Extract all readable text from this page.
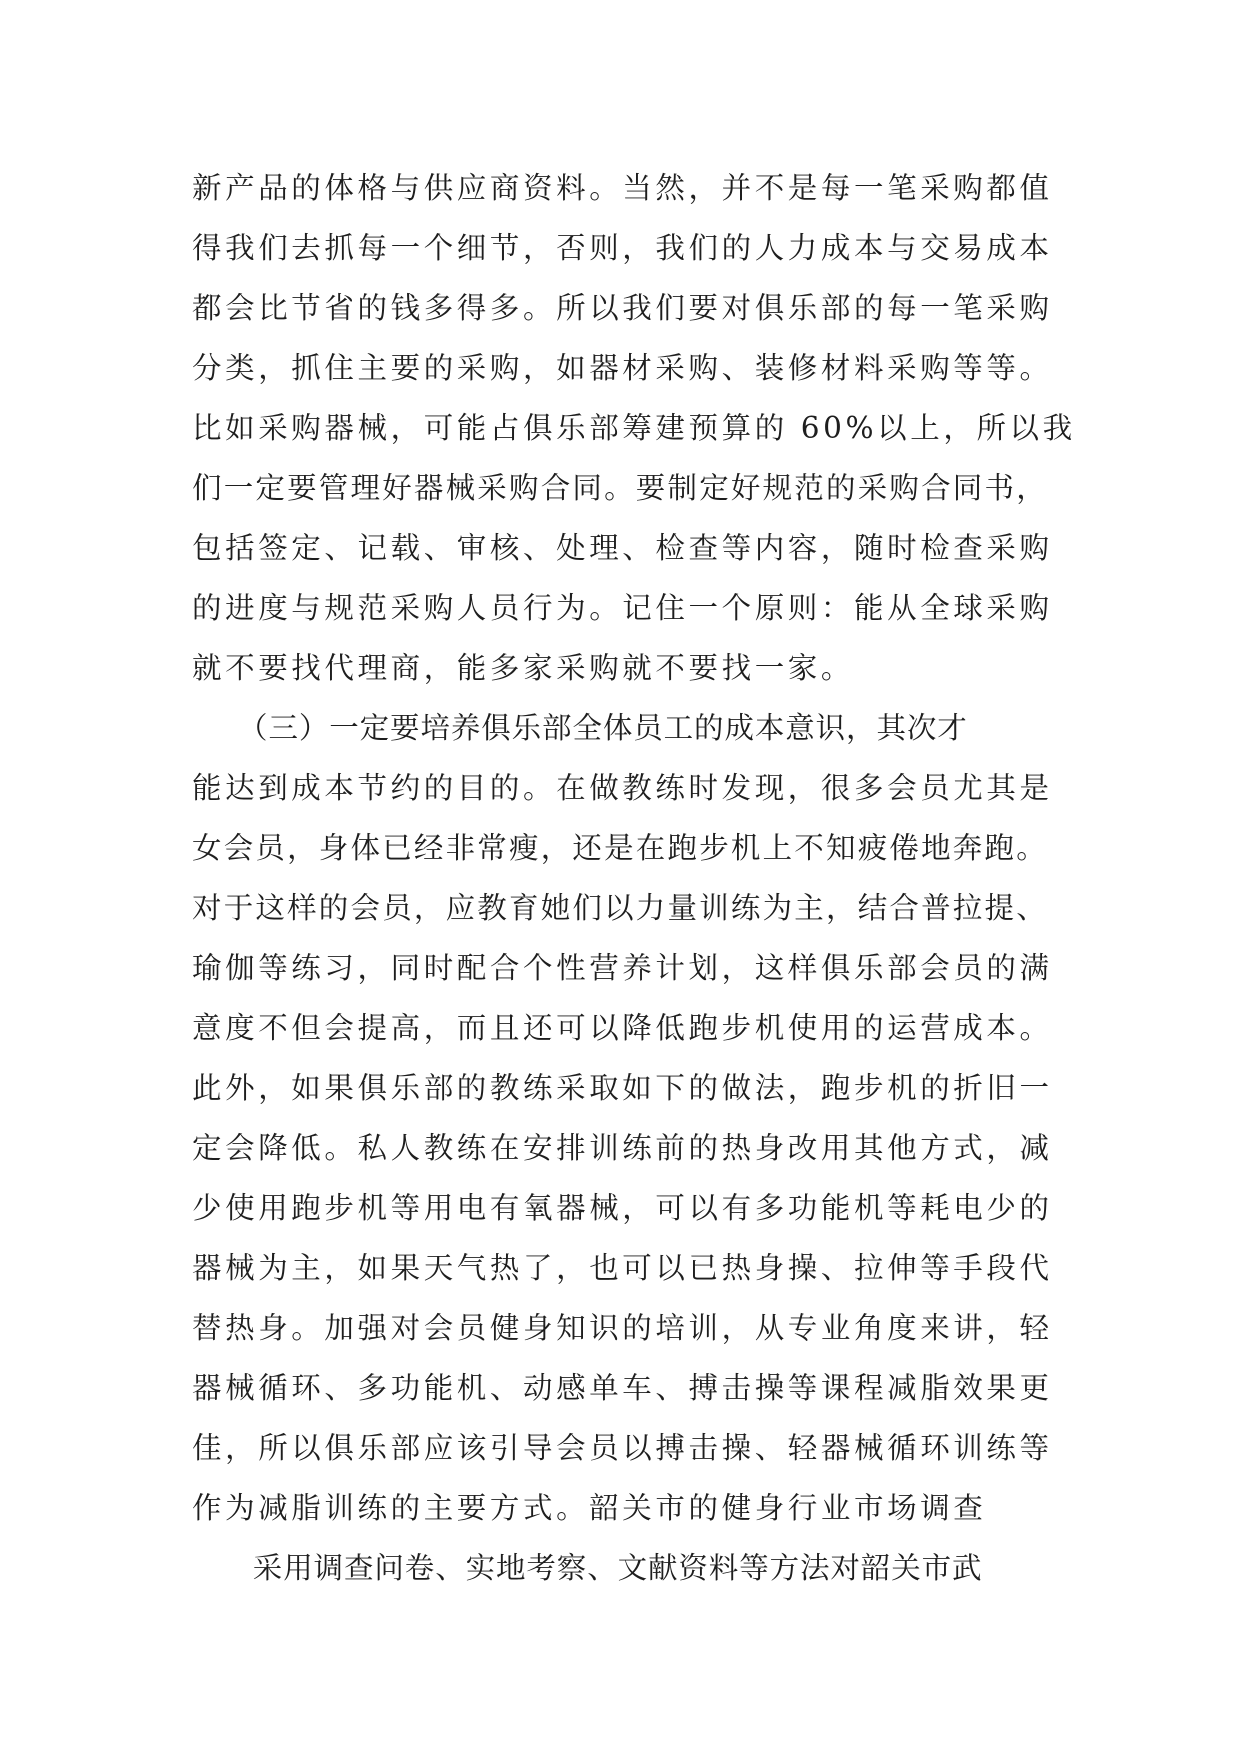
新产品的体格与供应商资料。当然，并不是每一笔采购都值
得我们去抓每一个细节，否则，我们的人力成本与交易成本
都会比节省的钱多得多。所以我们要对俱乐部的每一笔采购
分类，抓住主要的采购，如器材采购、装修材料采购等等。
比如采购器械，可能占俱乐部筹建预算的 60%以上，所以我
们一定要管理好器械采购合同。要制定好规范的采购合同书，
包括签定、记载、审核、处理、检查等内容，随时检查采购
的进度与规范采购人员行为。记住一个原则：能从全球采购
就不要找代理商，能多家采购就不要找一家。
　　（三）一定要培养俱乐部全体员工的成本意识，其次才
能达到成本节约的目的。在做教练时发现，很多会员尤其是
女会员，身体已经非常瘦，还是在跑步机上不知疲倦地奔跑。
对于这样的会员，应教育她们以力量训练为主，结合普拉提、
瑜伽等练习，同时配合个性营养计划，这样俱乐部会员的满
意度不但会提高，而且还可以降低跑步机使用的运营成本。
此外，如果俱乐部的教练采取如下的做法，跑步机的折旧一
定会降低。私人教练在安排训练前的热身改用其他方式，减
少使用跑步机等用电有氧器械，可以有多功能机等耗电少的
器械为主，如果天气热了，也可以已热身操、拉伸等手段代
替热身。加强对会员健身知识的培训，从专业角度来讲，轻
器械循环、多功能机、动感单车、搏击操等课程减脂效果更
佳，所以俱乐部应该引导会员以搏击操、轻器械循环训练等
作为减脂训练的主要方式。韶关市的健身行业市场调查
　　采用调查问卷、实地考察、文献资料等方法对韶关市武
